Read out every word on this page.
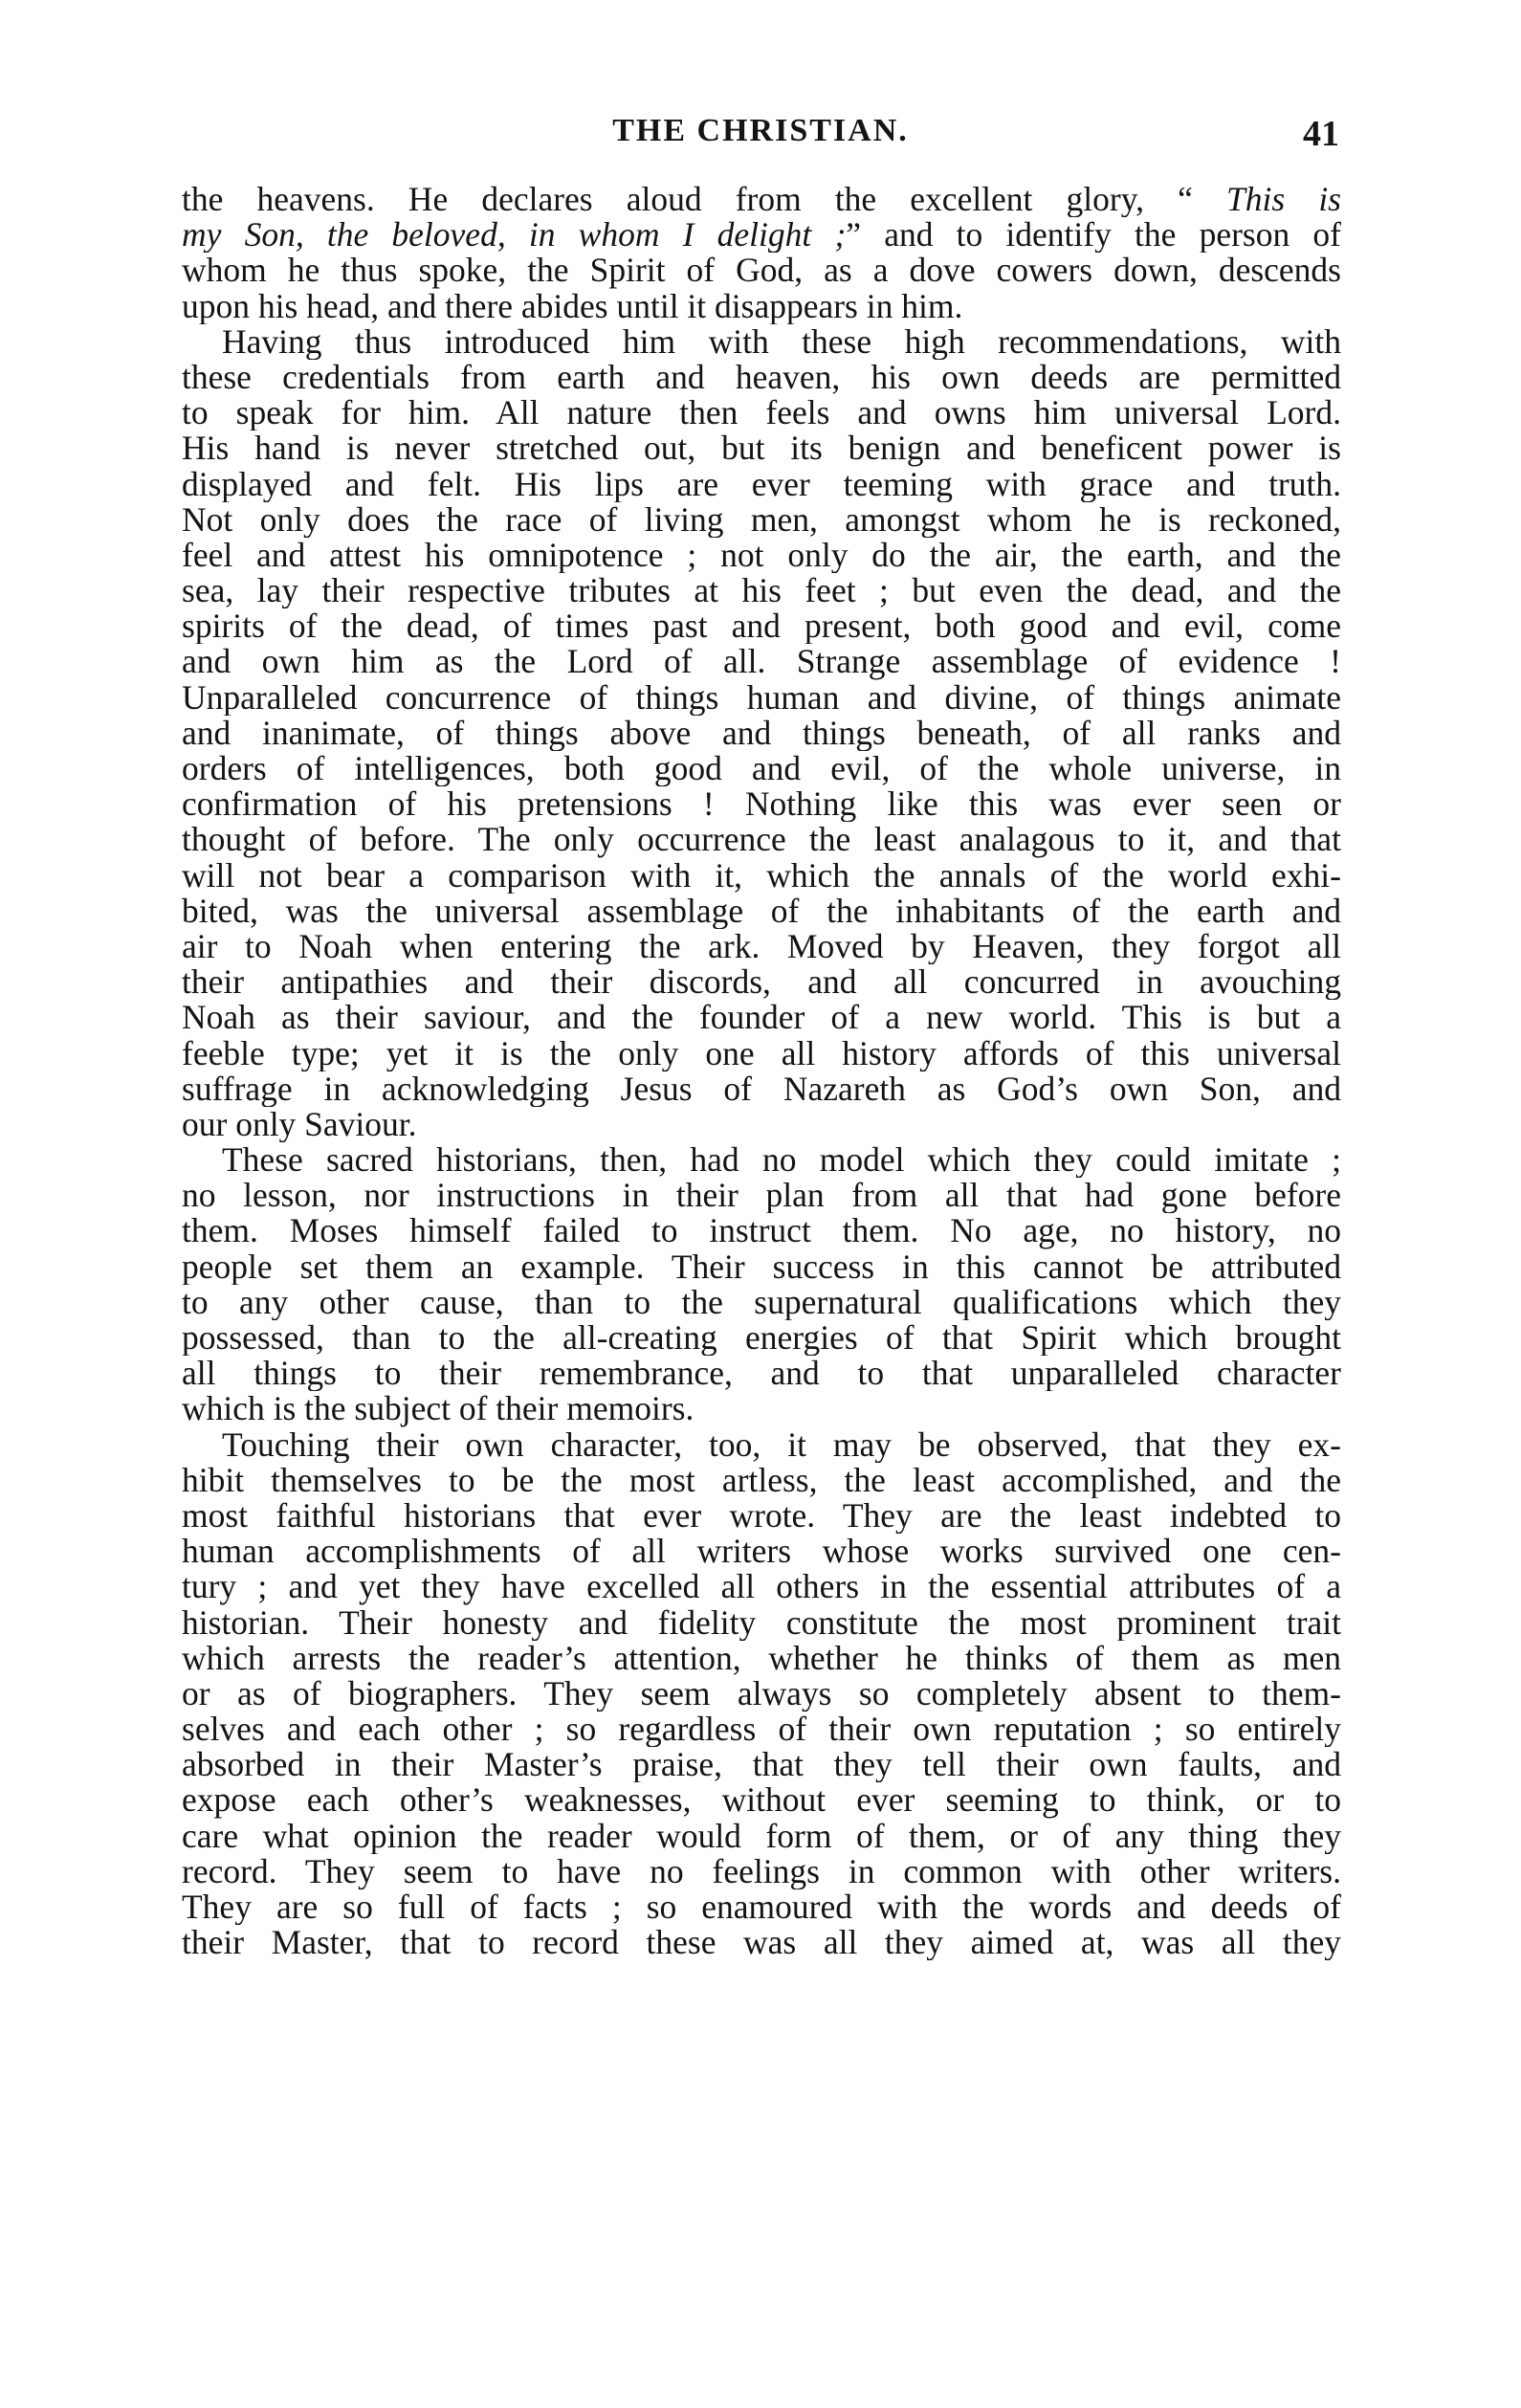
THE CHRISTIAN.	41
the heavens. He declares aloud from the excellent glory, “ This is
my Son, the beloved, in whom I delight ;” and to identify the person of
whom he thus spoke, the Spirit of God, as a dove cowers down, descends
upon his head, and there abides until it disappears in him.
Having thus introduced him with these high recommendations, with
these credentials from earth and heaven, his own deeds are permitted
to speak for him. All nature then feels and owns him universal Lord.
His hand is never stretched out, but its benign and beneficent power is
displayed and felt. His lips are ever teeming with grace and truth.
Not only does the race of living men, amongst whom he is reckoned,
feel and attest his omnipotence ; not only do the air, the earth, and the
sea, lay their respective tributes at his feet ; but even the dead, and the
spirits of the dead, of times past and present, both good and evil, come
and own him as the Lord of all. Strange assemblage of evidence !
Unparalleled concurrence of things human and divine, of things animate
and inanimate, of things above and things beneath, of all ranks and
orders of intelligences, both good and evil, of the whole universe, in
confirmation of his pretensions ! Nothing like this was ever seen or
thought of before. The only occurrence the least analagous to it, and that
will not bear a comparison with it, which the annals of the world exhi-
bited, was the universal assemblage of the inhabitants of the earth and
air to Noah when entering the ark. Moved by Heaven, they forgot all
their antipathies and their discords, and all concurred in avouching
Noah as their saviour, and the founder of a new world. This is but a
feeble type; yet it is the only one all history affords of this universal
suffrage in acknowledging Jesus of Nazareth as God’s own Son, and
our only Saviour.
These sacred historians, then, had no model which they could imitate ;
no lesson, nor instructions in their plan from all that had gone before
them. Moses himself failed to instruct them. No age, no history, no
people set them an example. Their success in this cannot be attributed
to any other cause, than to the supernatural qualifications which they
possessed, than to the all-creating energies of that Spirit which brought
all things to their remembrance, and to that unparalleled character
which is the subject of their memoirs.
Touching their own character, too, it may be observed, that they ex-
hibit themselves to be the most artless, the least accomplished, and the
most faithful historians that ever wrote. They are the least indebted to
human accomplishments of all writers whose works survived one cen-
tury ; and yet they have excelled all others in the essential attributes of a
historian. Their honesty and fidelity constitute the most prominent trait
which arrests the reader’s attention, whether he thinks of them as men
or as of biographers. They seem always so completely absent to them-
selves and each other ; so regardless of their own reputation ; so entirely
absorbed in their Master’s praise, that they tell their own faults, and
expose each other’s weaknesses, without ever seeming to think, or to
care what opinion the reader would form of them, or of any thing they
record. They seem to have no feelings in common with other writers.
They are so full of facts ; so enamoured with the words and deeds of
their Master, that to record these was all they aimed at, was all they
